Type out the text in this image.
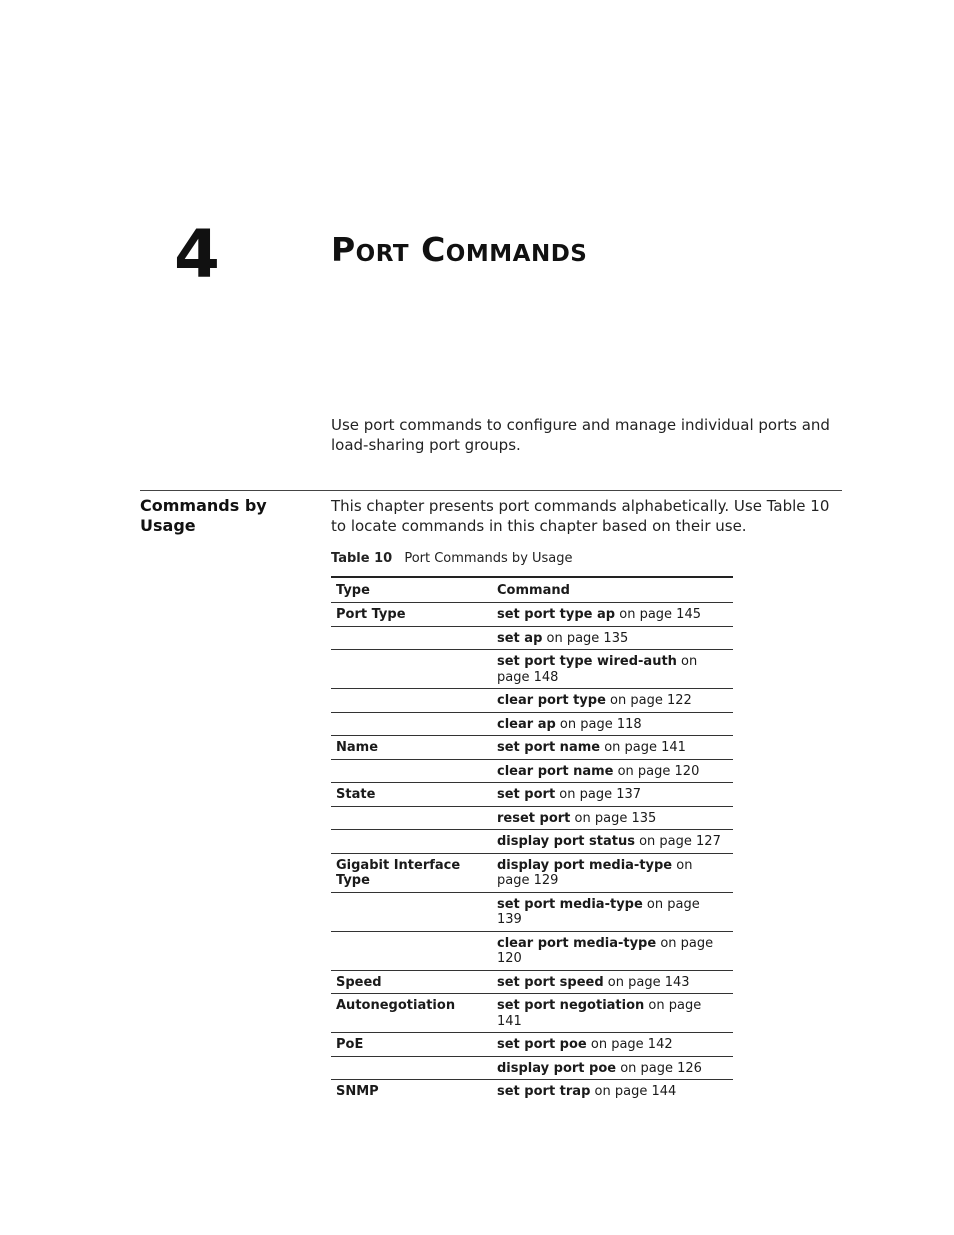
4	Port Commands

Use port commands to configure and manage individual ports and load-sharing port groups.

Commands by Usage

This chapter presents port commands alphabetically. Use Table 10 to locate commands in this chapter based on their use.

Table 10 Port Commands by Usage
Type	Command
Port Type	set port type ap on page 145
	set ap on page 135
	set port type wired-auth on page 148
	clear port type on page 122
	clear ap on page 118
Name	set port name on page 141
	clear port name on page 120
State	set port on page 137
	reset port on page 135
	display port status on page 127
Gigabit Interface Type	display port media-type on page 129
	set port media-type on page 139
	clear port media-type on page 120
Speed	set port speed on page 143
Autonegotiation	set port negotiation on page 141
PoE	set port poe on page 142
	display port poe on page 126
SNMP	set port trap on page 144
